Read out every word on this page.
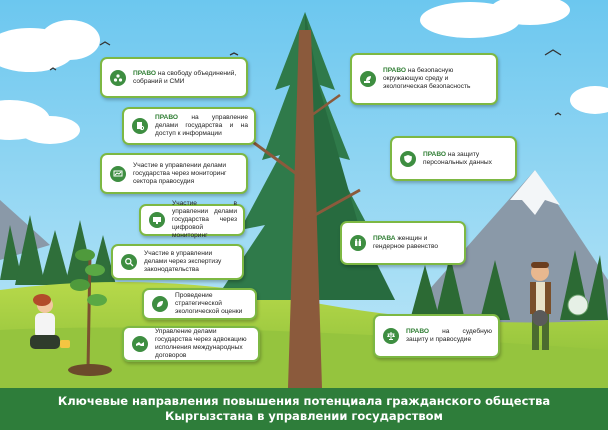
ПРАВО на свободу объединений, собраний и СМИ
ПРАВО на управление делами государства и на доступ к информации
Участие в управлении делами государства через мониторинг сектора правосудия
Участие в управлении делами государства через цифровой мониторинг
Участие в управлении делами через экспертизу законодательства
Проведение стратегической экологической оценки
Управление делами государства через адвокацию исполнения международных договоров
ПРАВО на безопасную окружающую среду и экологическая безопасность
ПРАВО на защиту персональных данных
ПРАВА женщин и гендерное равенство
ПРАВО на судебную защиту и правосудие
Ключевые направления повышения потенциала гражданского общества
Кыргызстана в управлении государством
